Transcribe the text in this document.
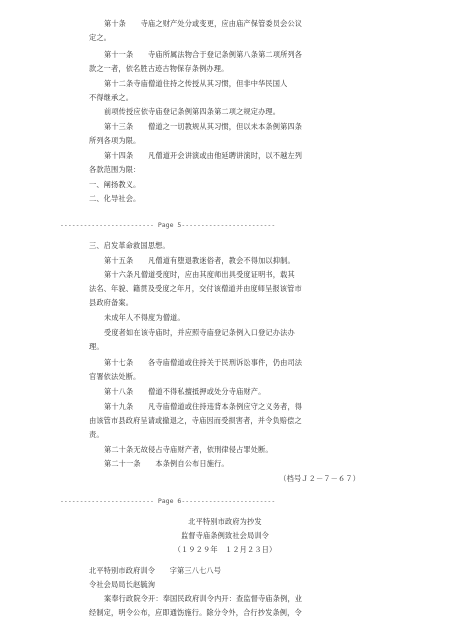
第十条　　寺庙之财产处分或变更，应由庙产保管委员会公议
定之。
第十一条　　寺庙所属法物合于登记条例第八条第二项所列各
款之一者，依名胜古迹古物保存条例办理。
第十二条寺庙僧道住持之传授从其习惯，但非中华民国人
不得继承之。
前项传授应依寺庙登记条例第四条第二项之规定办理。
第十三条　　僧道之一切教规从其习惯，但以未本条例第四条
所列各项为限。
第十四条　　凡僧道开会讲演或由他延聘讲演时，以不越左列
各款范围为限：
一、阐扬教义。
二、化导社会。
------------------------ Page 5------------------------
三、启发革命救国思想。
第十五条　　凡僧道有堕退教迷俗者，教会不得加以抑制。
第十六条凡僧道受度时，应由其度师出具受度证明书，载其
法名、年貌、籍贯及受度之年月，交付该僧道并由度师呈报该管市
县政府备案。
未成年人不得度为僧道。
受度者如在该寺庙时，并应照寺庙登记条例入口登记办法办
理。
第十七条　　各寺庙僧道或住持关于民刑诉讼事件，仍由司法
官署依法处断。
第十八条　　僧道不得私擅抵押或处分寺庙财产。
第十九条　　凡寺庙僧道或住持违背本条例应守之义务者，得
由该管市县政府呈请或撤退之，寺庙因而受损害者，并令负赔偿之
责。
第二十条无故侵占寺庙财产者，依刑律侵占罪处断。
第二十一条　　本条例自公布日施行。
（档号Ｊ２－７－６７）
------------------------ Page 6------------------------
北平特别市政府为抄发
监督寺庙条例致社会局训令
（１９２９年　１２月２３日）
北平特别市政府训令　　字第三八七八号
令社会局局长赵毓洵
案奉行政院令开：奉国民政府训令内开：查监督寺庙条例，业
经制定，明令公布，应即通饬施行。除分令外，合行抄发条例，令
